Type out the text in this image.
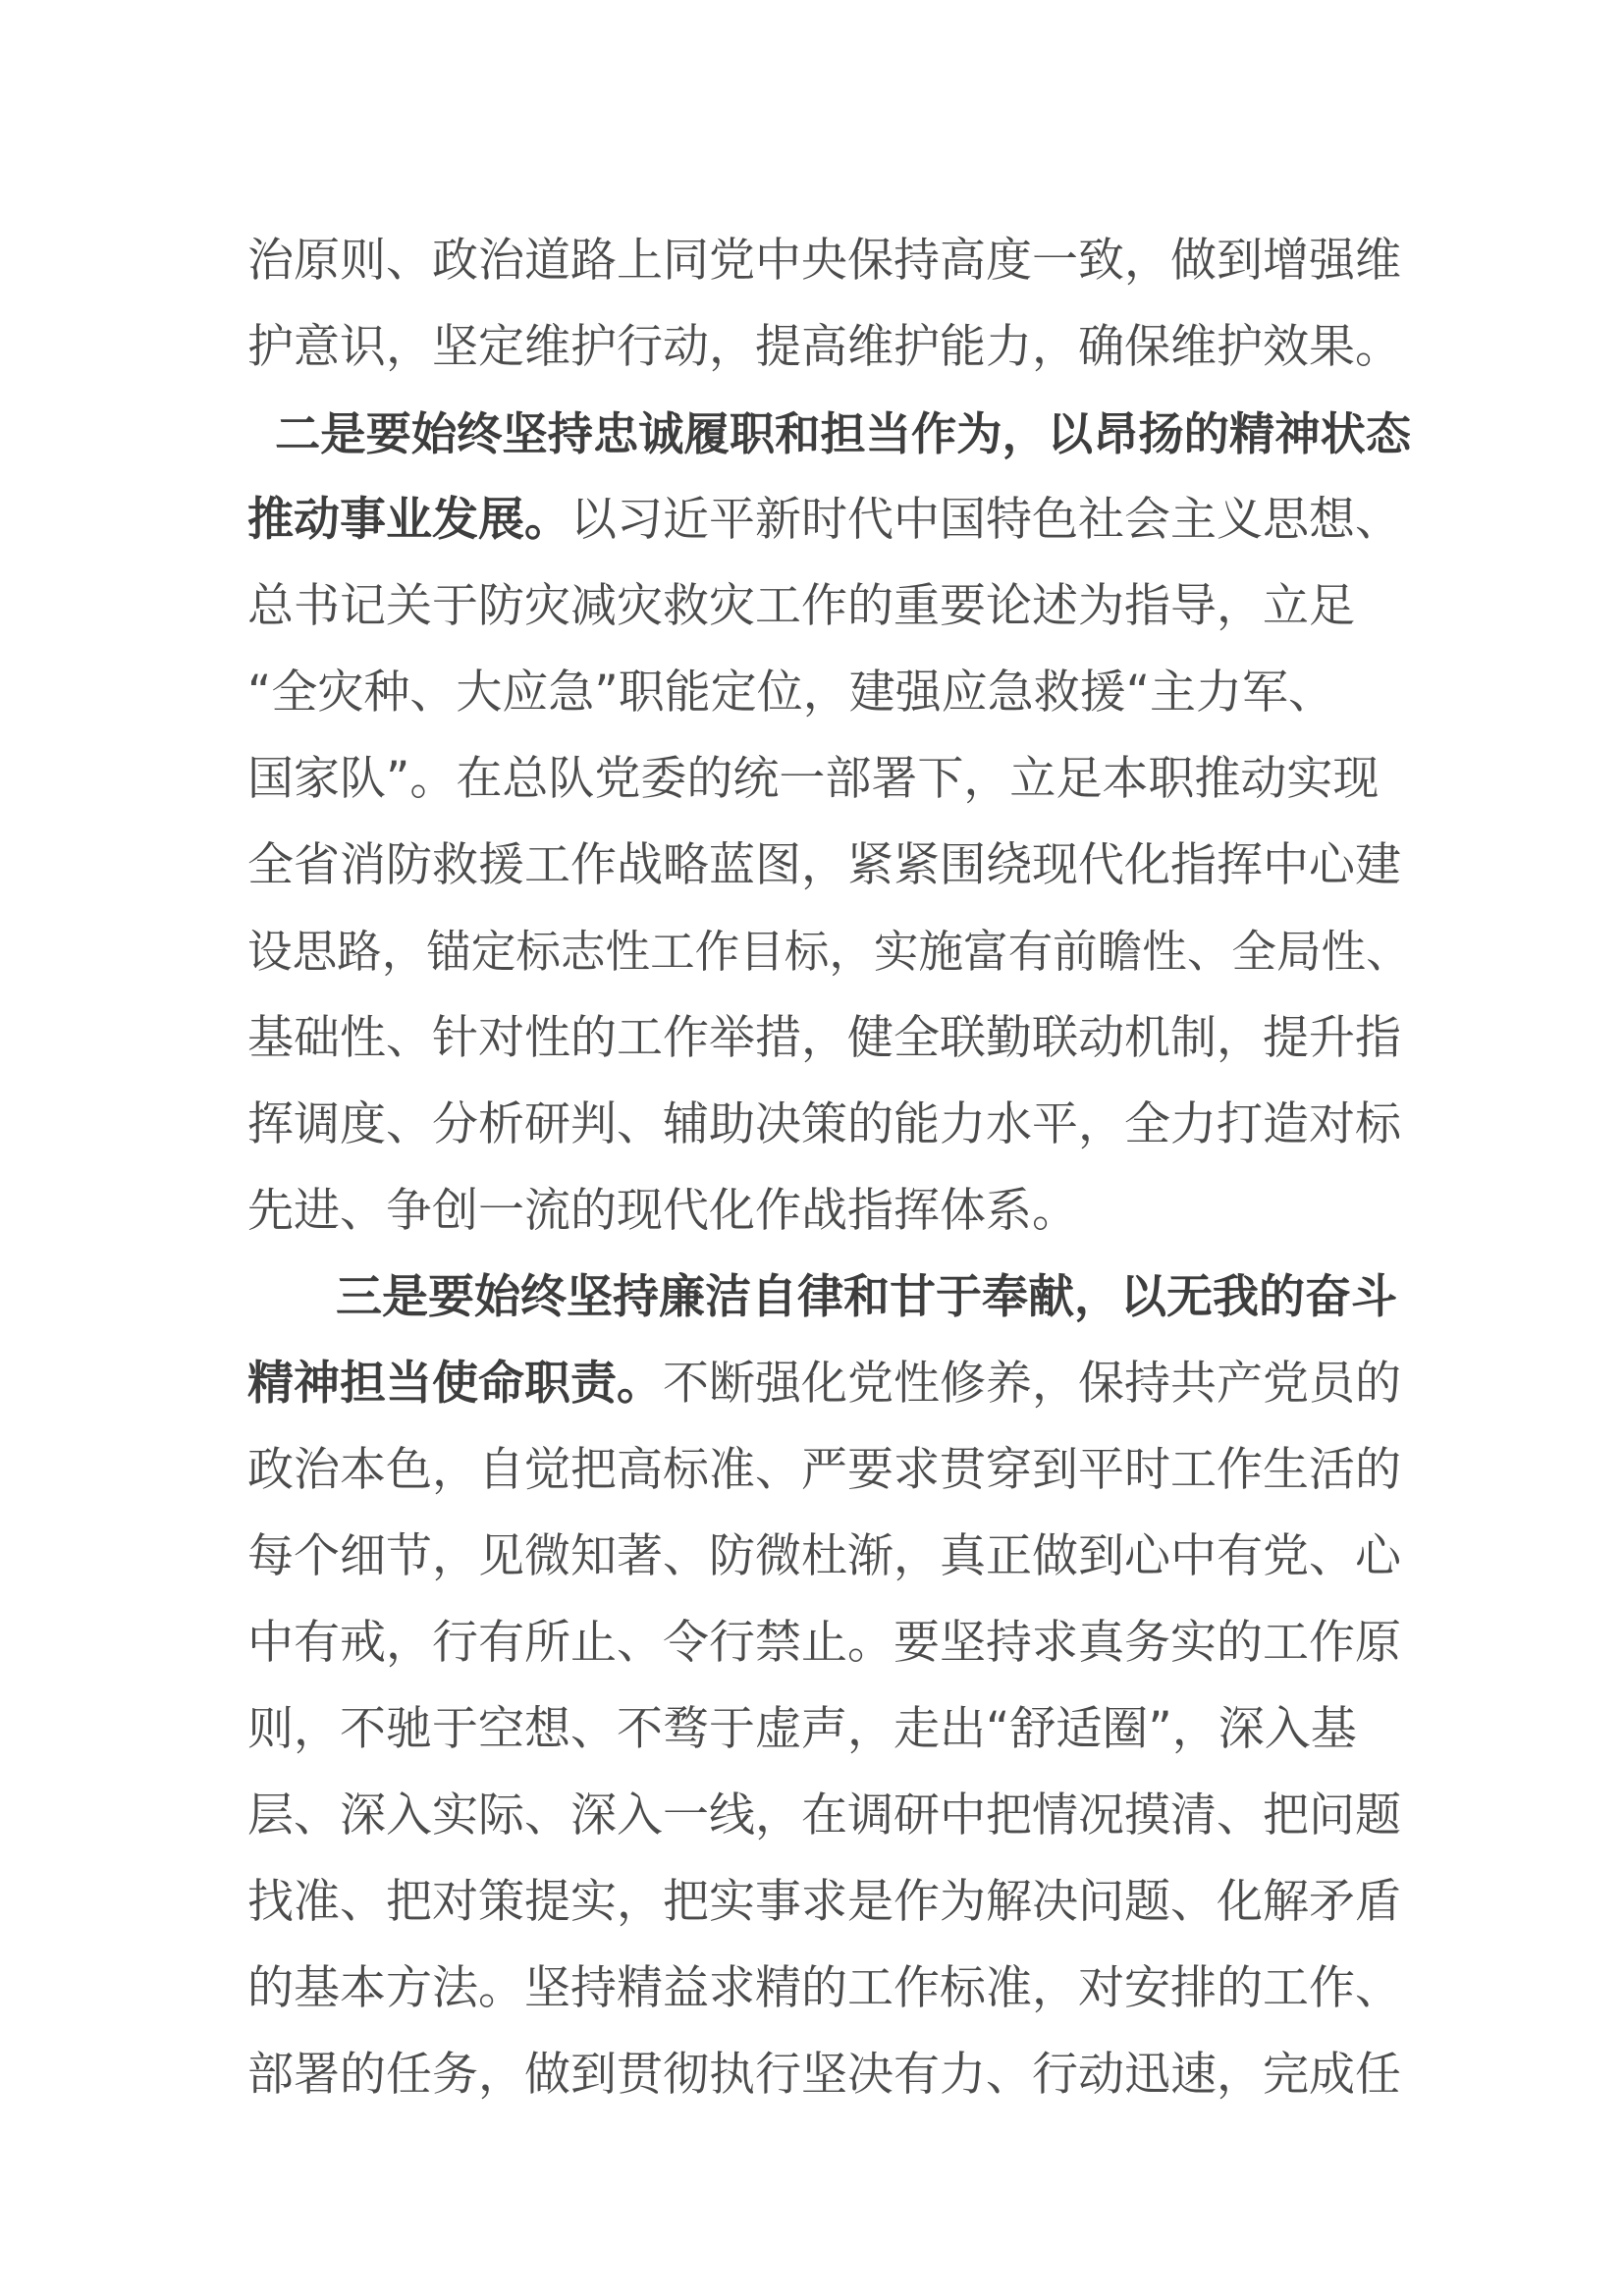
治原则、政治道路上同党中央保持高度一致，做到增强维
护意识，坚定维护行动，提高维护能力，确保维护效果。
二是要始终坚持忠诚履职和担当作为，以昂扬的精神状态
推动事业发展。以习近平新时代中国特色社会主义思想、
总书记关于防灾减灾救灾工作的重要论述为指导，立足
“全灾种、大应急”职能定位，建强应急救援“主力军、
国家队”。在总队党委的统一部署下，立足本职推动实现
全省消防救援工作战略蓝图，紧紧围绕现代化指挥中心建
设思路，锚定标志性工作目标，实施富有前瞻性、全局性、
基础性、针对性的工作举措，健全联勤联动机制，提升指
挥调度、分析研判、辅助决策的能力水平，全力打造对标
先进、争创一流的现代化作战指挥体系。
三是要始终坚持廉洁自律和甘于奉献，以无我的奋斗
精神担当使命职责。不断强化党性修养，保持共产党员的
政治本色，自觉把高标准、严要求贯穿到平时工作生活的
每个细节，见微知著、防微杜渐，真正做到心中有党、心
中有戒，行有所止、令行禁止。要坚持求真务实的工作原
则，不驰于空想、不骛于虚声，走出“舒适圈”，深入基
层、深入实际、深入一线，在调研中把情况摸清、把问题
找准、把对策提实，把实事求是作为解决问题、化解矛盾
的基本方法。坚持精益求精的工作标准，对安排的工作、
部署的任务，做到贯彻执行坚决有力、行动迅速，完成任
